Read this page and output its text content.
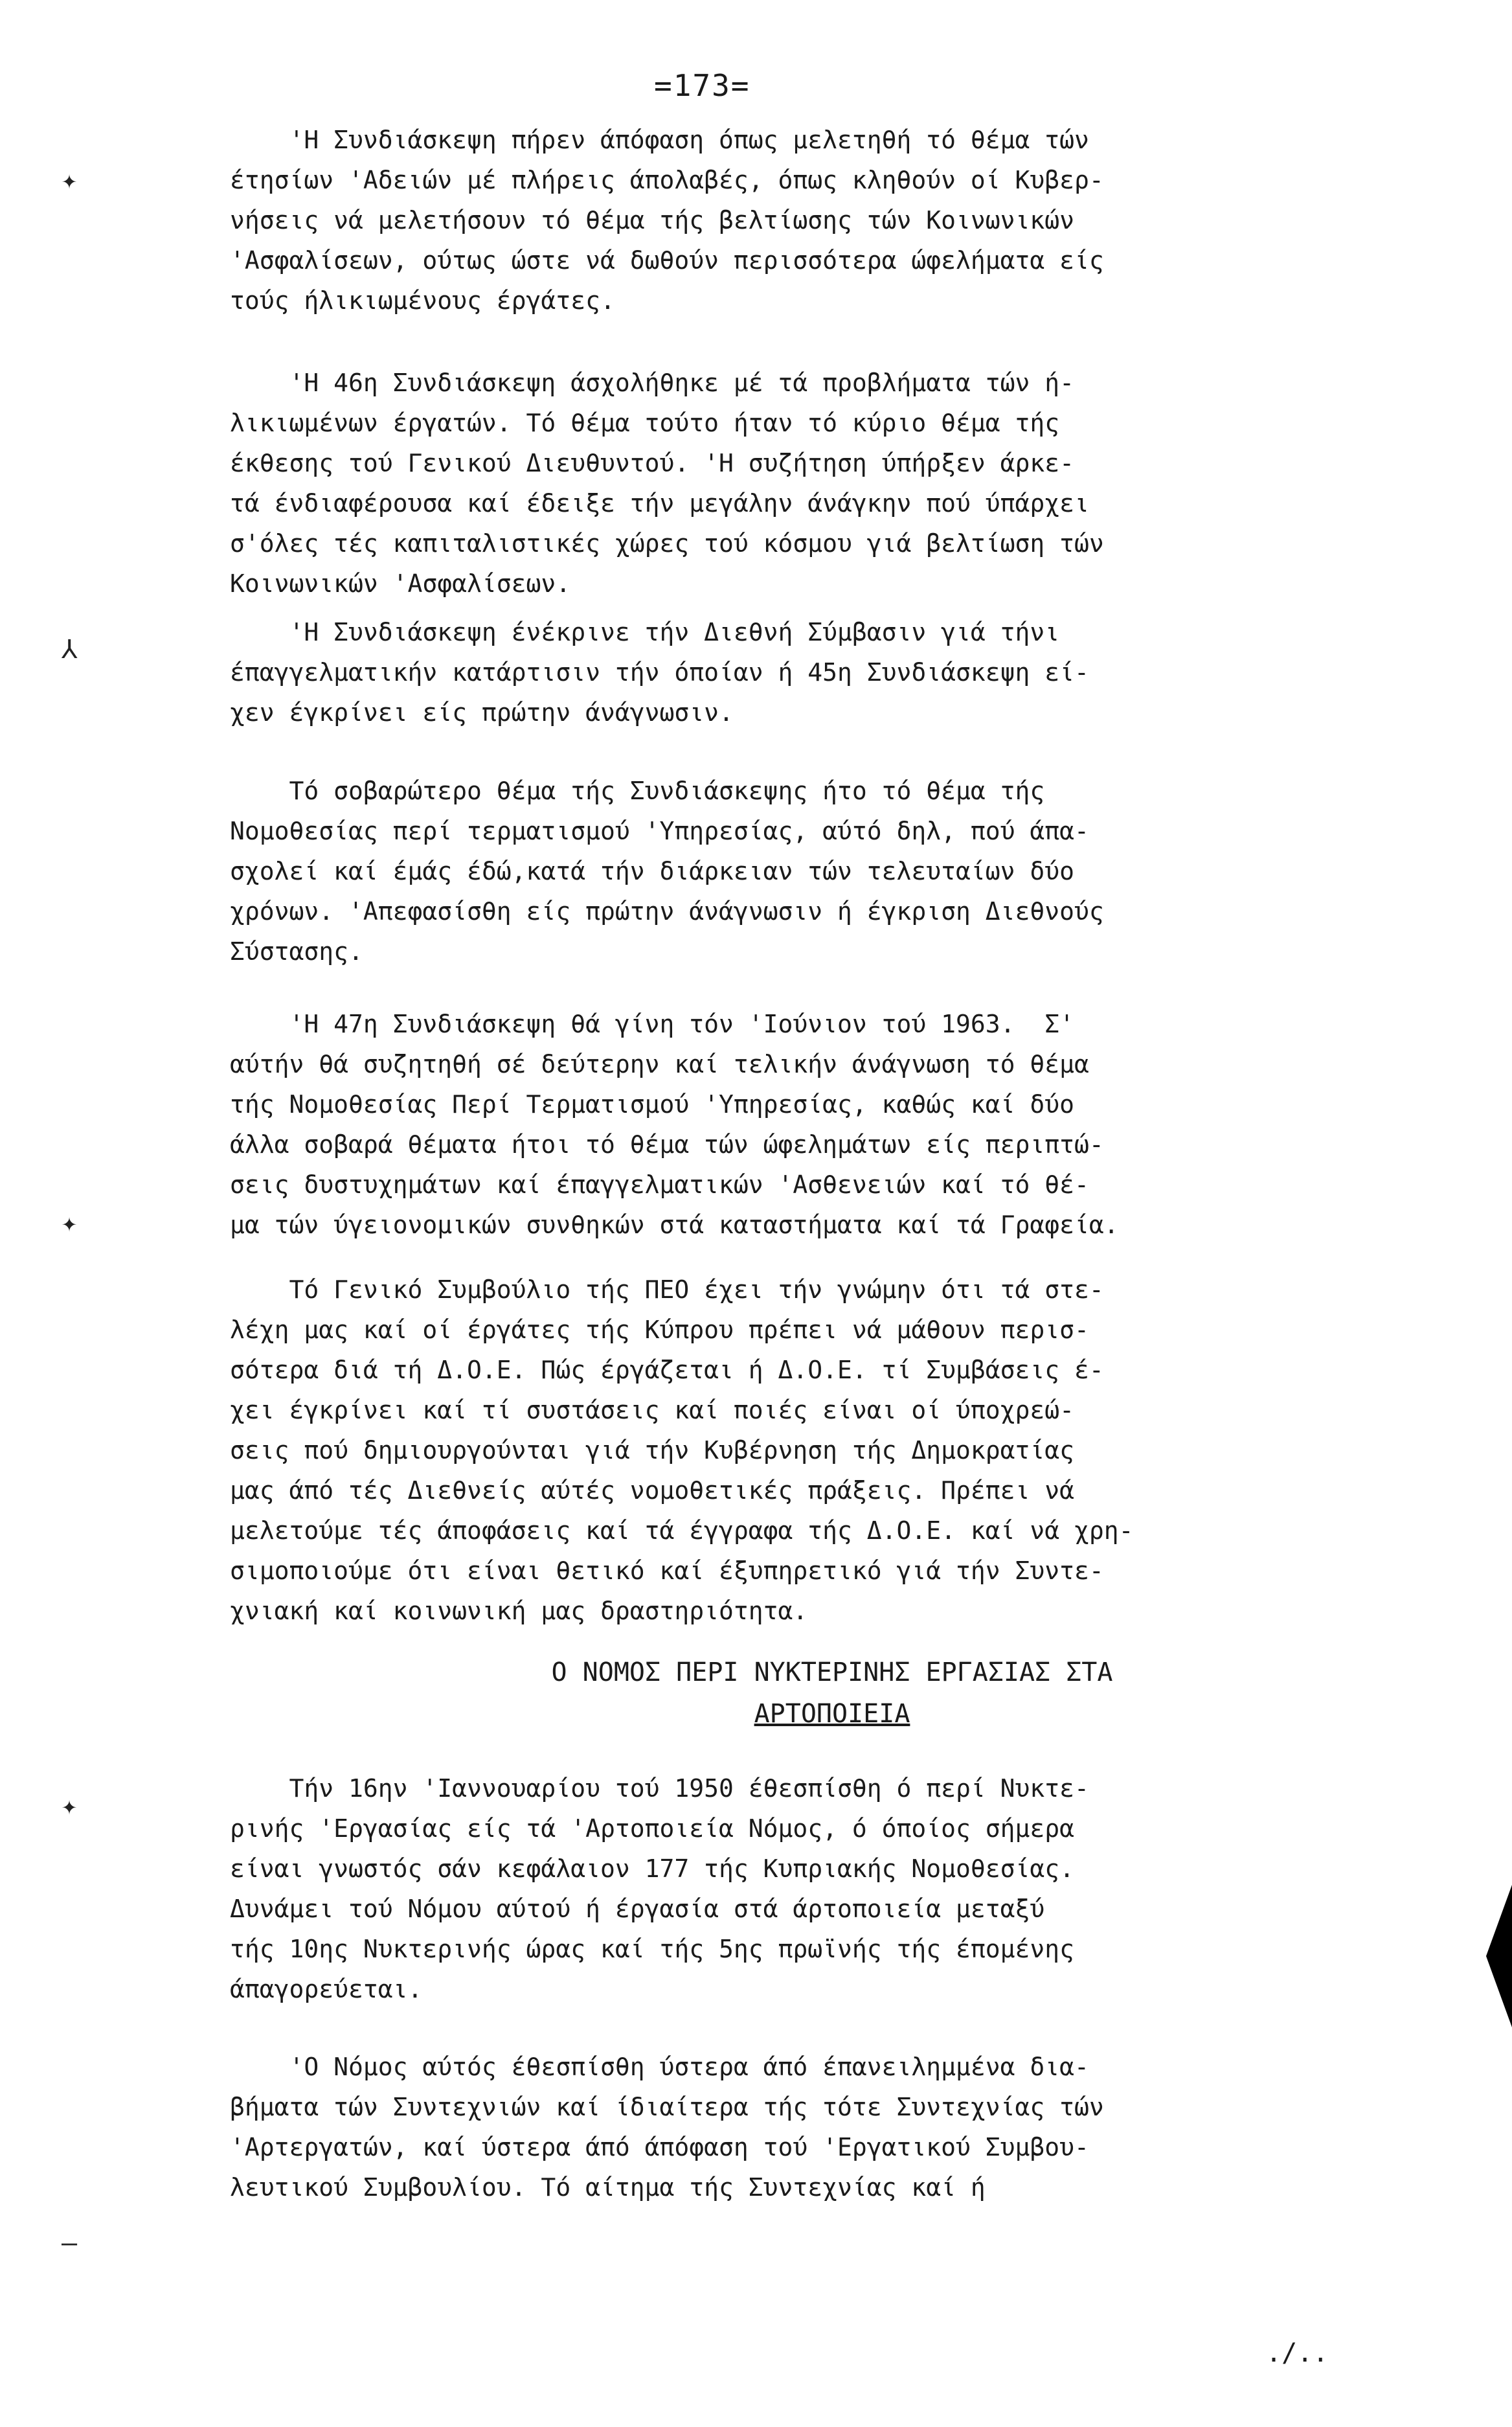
=173=
✦
⅄
✦
✦
–
'Η Συνδιάσκεψη πήρεν άπόφαση όπως μελετηθή τό θέμα τών
έτησίων 'Αδειών μέ πλήρεις άπολαβές, όπως κληθούν οί Κυβερ-
νήσεις νά μελετήσουν τό θέμα τής βελτίωσης τών Κοινωνικών
'Ασφαλίσεων, ούτως ώστε νά δωθούν περισσότερα ώφελήματα είς
τούς ήλικιωμένους έργάτες.
'Η 46η Συνδιάσκεψη άσχολήθηκε μέ τά προβλήματα τών ή-
λικιωμένων έργατών. Τό θέμα τούτο ήταν τό κύριο θέμα τής
έκθεσης τού Γενικού Διευθυντού. 'Η συζήτηση ύπήρξεν άρκε-
τά ένδιαφέρουσα καί έδειξε τήν μεγάλην άνάγκην πού ύπάρχει
σ'όλες τές καπιταλιστικές χώρες τού κόσμου γιά βελτίωση τών
Κοινωνικών 'Ασφαλίσεων.
'Η Συνδιάσκεψη ένέκρινε τήν Διεθνή Σύμβασιν γιά τήνι
έπαγγελματικήν κατάρτισιν τήν όποίαν ή 45η Συνδιάσκεψη εί-
χεν έγκρίνει είς πρώτην άνάγνωσιν.
Τό σοβαρώτερο θέμα τής Συνδιάσκεψης ήτο τό θέμα τής
Νομοθεσίας περί τερματισμού 'Υπηρεσίας, αύτό δηλ, πού άπα-
σχολεί καί έμάς έδώ,κατά τήν διάρκειαν τών τελευταίων δύο
χρόνων. 'Απεφασίσθη είς πρώτην άνάγνωσιν ή έγκριση Διεθνούς
Σύστασης.
'Η 47η Συνδιάσκεψη θά γίνη τόν 'Ιούνιον τού 1963.  Σ'
αύτήν θά συζητηθή σέ δεύτερην καί τελικήν άνάγνωση τό θέμα
τής Νομοθεσίας Περί Τερματισμού 'Υπηρεσίας, καθώς καί δύο
άλλα σοβαρά θέματα ήτοι τό θέμα τών ώφελημάτων είς περιπτώ-
σεις δυστυχημάτων καί έπαγγελματικών 'Ασθενειών καί τό θέ-
μα τών ύγειονομικών συνθηκών στά καταστήματα καί τά Γραφεία.
Τό Γενικό Συμβούλιο τής ΠΕΟ έχει τήν γνώμην ότι τά στε-
λέχη μας καί οί έργάτες τής Κύπρου πρέπει νά μάθουν περισ-
σότερα διά τή Δ.Ο.Ε. Πώς έργάζεται ή Δ.Ο.Ε. τί Συμβάσεις έ-
χει έγκρίνει καί τί συστάσεις καί ποιές είναι οί ύποχρεώ-
σεις πού δημιουργούνται γιά τήν Κυβέρνηση τής Δημοκρατίας
μας άπό τές Διεθνείς αύτές νομοθετικές πράξεις. Πρέπει νά
μελετούμε τές άποφάσεις καί τά έγγραφα τής Δ.Ο.Ε. καί νά χρη-
σιμοποιούμε ότι είναι θετικό καί έξυπηρετικό γιά τήν Συντε-
χνιακή καί κοινωνική μας δραστηριότητα.
Ο ΝΟΜΟΣ ΠΕΡΙ ΝΥΚΤΕΡΙΝΗΣ ΕΡΓΑΣΙΑΣ ΣΤΑ
ΑΡΤΟΠΟΙΕΙΑ
Τήν 16ην 'Ιαννουαρίου τού 1950 έθεσπίσθη ό περί Νυκτε-
ρινής 'Εργασίας είς τά 'Αρτοποιεία Νόμος, ό όποίος σήμερα
είναι γνωστός σάν κεφάλαιον 177 τής Κυπριακής Νομοθεσίας.
Δυνάμει τού Νόμου αύτού ή έργασία στά άρτοποιεία μεταξύ
τής 10ης Νυκτερινής ώρας καί τής 5ης πρωϊνής τής έπομένης
άπαγορεύεται.
'Ο Νόμος αύτός έθεσπίσθη ύστερα άπό έπανειλημμένα δια-
βήματα τών Συντεχνιών καί ίδιαίτερα τής τότε Συντεχνίας τών
'Αρτεργατών, καί ύστερα άπό άπόφαση τού 'Εργατικού Συμβου-
λευτικού Συμβουλίου. Τό αίτημα τής Συντεχνίας καί ή
./..
